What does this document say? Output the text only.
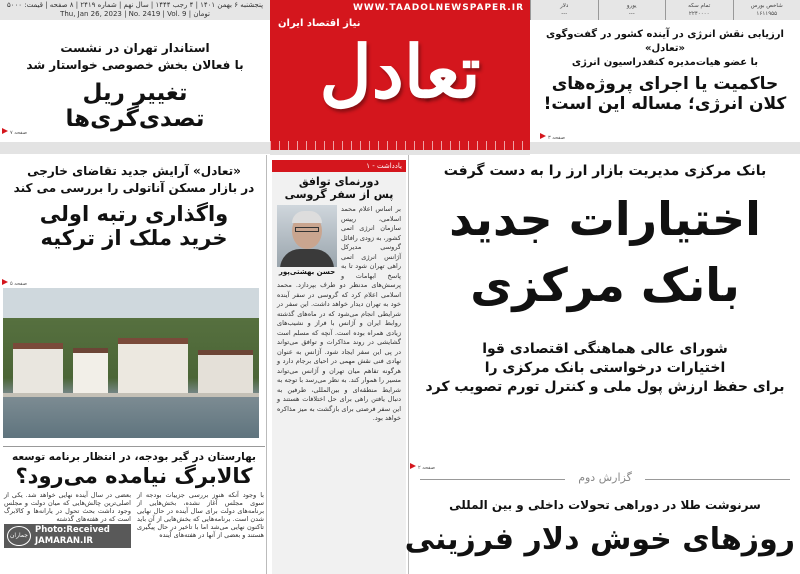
پنجشنبه ۶ بهمن ۱۴۰۱ | ۴ رجب ۱۴۴۴ | سال نهم | شماره ۲۴۱۹ | ۸ صفحه | قیمت: ۵۰۰۰ تومان | Thu, Jan 26, 2023 | No. 2419 | Vol. 9
WWW.TAADOLNEWSPAPER.IR
نیاز اقتصاد ایران
تعادل
شاخص بورس
۱۶۱۱۹۵۵
تمام سکه
۲۲۴۰۰۰۰
یورو
---
دلار
---
استاندار تهران در نشست
با فعالان بخش خصوصی خواستار شد
تغییر ریل تصدی‌گری‌ها
صفحه ۷
ارزیابی نقش انرژی در آینده کشور در گفت‌وگوی «تعادل»
با عضو هیات‌مدیره کنفدراسیون انرژی
حاکمیت یا اجرای پروژه‌های
کلان انرژی؛ مساله این است!
صفحه ۳
یادداشت - ۱
دورنمای توافق
پس از سفر گروسی
حسن بهشتی‌پور
بر اساس اعلام محمد اسلامی، رییس سازمان انرژی اتمی کشور، به زودی رافائل گروسی مدیرکل آژانس انرژی اتمی راهی تهران شود تا به پاسخ ابهامات و پرسش‌های مدنظر دو طرف بپردازد. محمد اسلامی اعلام کرد که گروسی در سفر آینده خود به تهران دیدار خواهد داشت. این سفر در شرایطی انجام می‌شود که در ماه‌های گذشته روابط ایران و آژانس با فراز و نشیب‌های زیادی همراه بوده است. آنچه که مسلم است گشایشی در روند مذاکرات و توافق می‌تواند در پی این سفر ایجاد شود. آژانس به عنوان نهادی فنی نقش مهمی در احیای برجام دارد و هرگونه تفاهم میان تهران و آژانس می‌تواند مسیر را هموار کند. به نظر می‌رسد با توجه به شرایط منطقه‌ای و بین‌المللی، طرفین به دنبال یافتن راهی برای حل اختلافات هستند و این سفر فرصتی برای بازگشت به میز مذاکره خواهد بود.
«تعادل» آرایش جدید تقاضای خارجی
در بازار مسکن آناتولی را بررسی می کند
واگذاری رتبه اولی
خرید ملک از ترکیه
صفحه ۵
بهارستان در گیر بودجه، در انتظار برنامه توسعه
کالابرگ نیامده می‌رود؟
با وجود آنکه هنوز بررسی جزییات بودجه از سوی مجلس آغاز نشده، بخش‌هایی از برنامه‌های دولت برای سال آینده در حال نهایی شدن است. برنامه‌هایی که بخش‌هایی از آن باید تاکنون نهایی می‌شد اما با تاخیر در حال پیگیری هستند و بعضی از آنها در هفته‌های آینده
بعضی در سال آینده نهایی خواهد شد. یکی از اصلی‌ترین چالش‌هایی که میان دولت و مجلس وجود داشت بحث تحول در یارانه‌ها و کالابرگ است که در هفته‌های گذشته
جماران
Photo:Received
JAMARAN.IR
بانک مرکزی مدیریت بازار ارز را به دست گرفت
اختیارات جدید
بانک مرکزی
شورای عالی هماهنگی اقتصادی قوا
اختیارات درخواستی بانک مرکزی را
برای حفظ ارزش پول ملی و کنترل تورم تصویب کرد
صفحه ۲
گزارش دوم
سرنوشت طلا در دوراهی تحولات داخلی و بین المللی
روزهای خوش دلار فرزینی
